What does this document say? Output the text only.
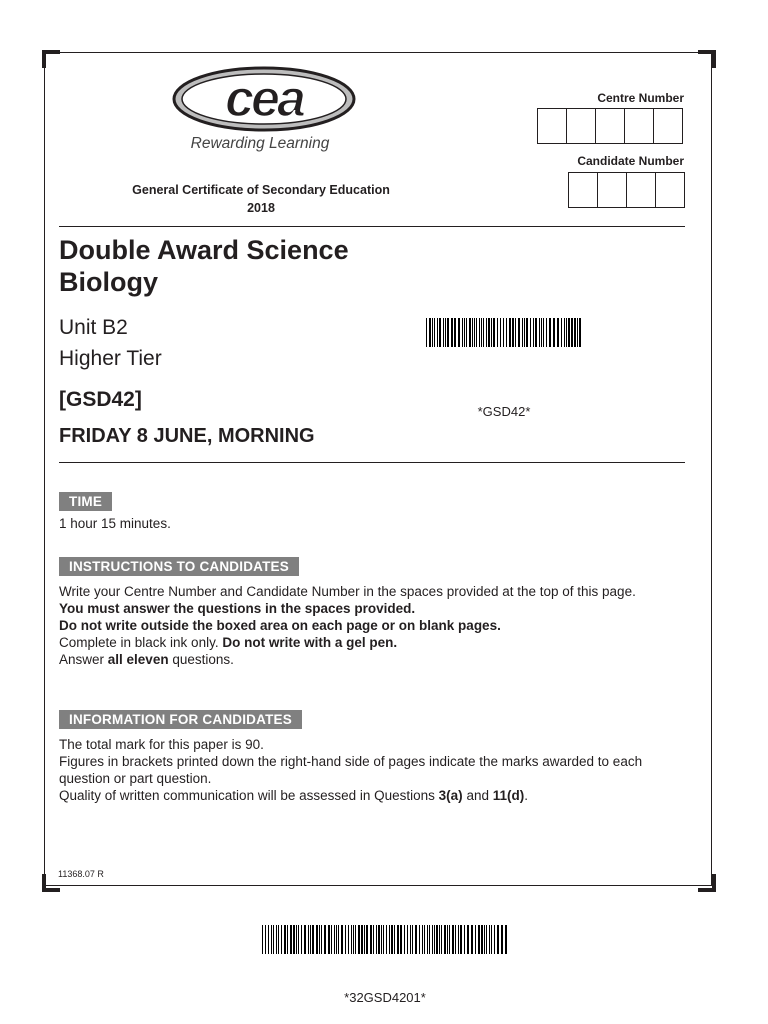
cea
Rewarding Learning
General Certificate of Secondary Education
2018
Centre Number
Candidate Number
Double Award Science
Biology
Unit B2
Higher Tier
[GSD42]
FRIDAY 8 JUNE, MORNING
*GSD42*
TIME
1 hour 15 minutes.
INSTRUCTIONS TO CANDIDATES

Write your Centre Number and Candidate Number in the spaces provided at the top of this page.

You must answer the questions in the spaces provided.

Do not write outside the boxed area on each page or on blank pages.

Complete in black ink only. Do not write with a gel pen.

Answer all eleven questions.

INFORMATION FOR CANDIDATES

The total mark for this paper is 90.

Figures in brackets printed down the right-hand side of pages indicate the marks awarded to each question or part question.

Quality of written communication will be assessed in Questions 3(a) and 11(d).

11368.07 R
*32GSD4201*
